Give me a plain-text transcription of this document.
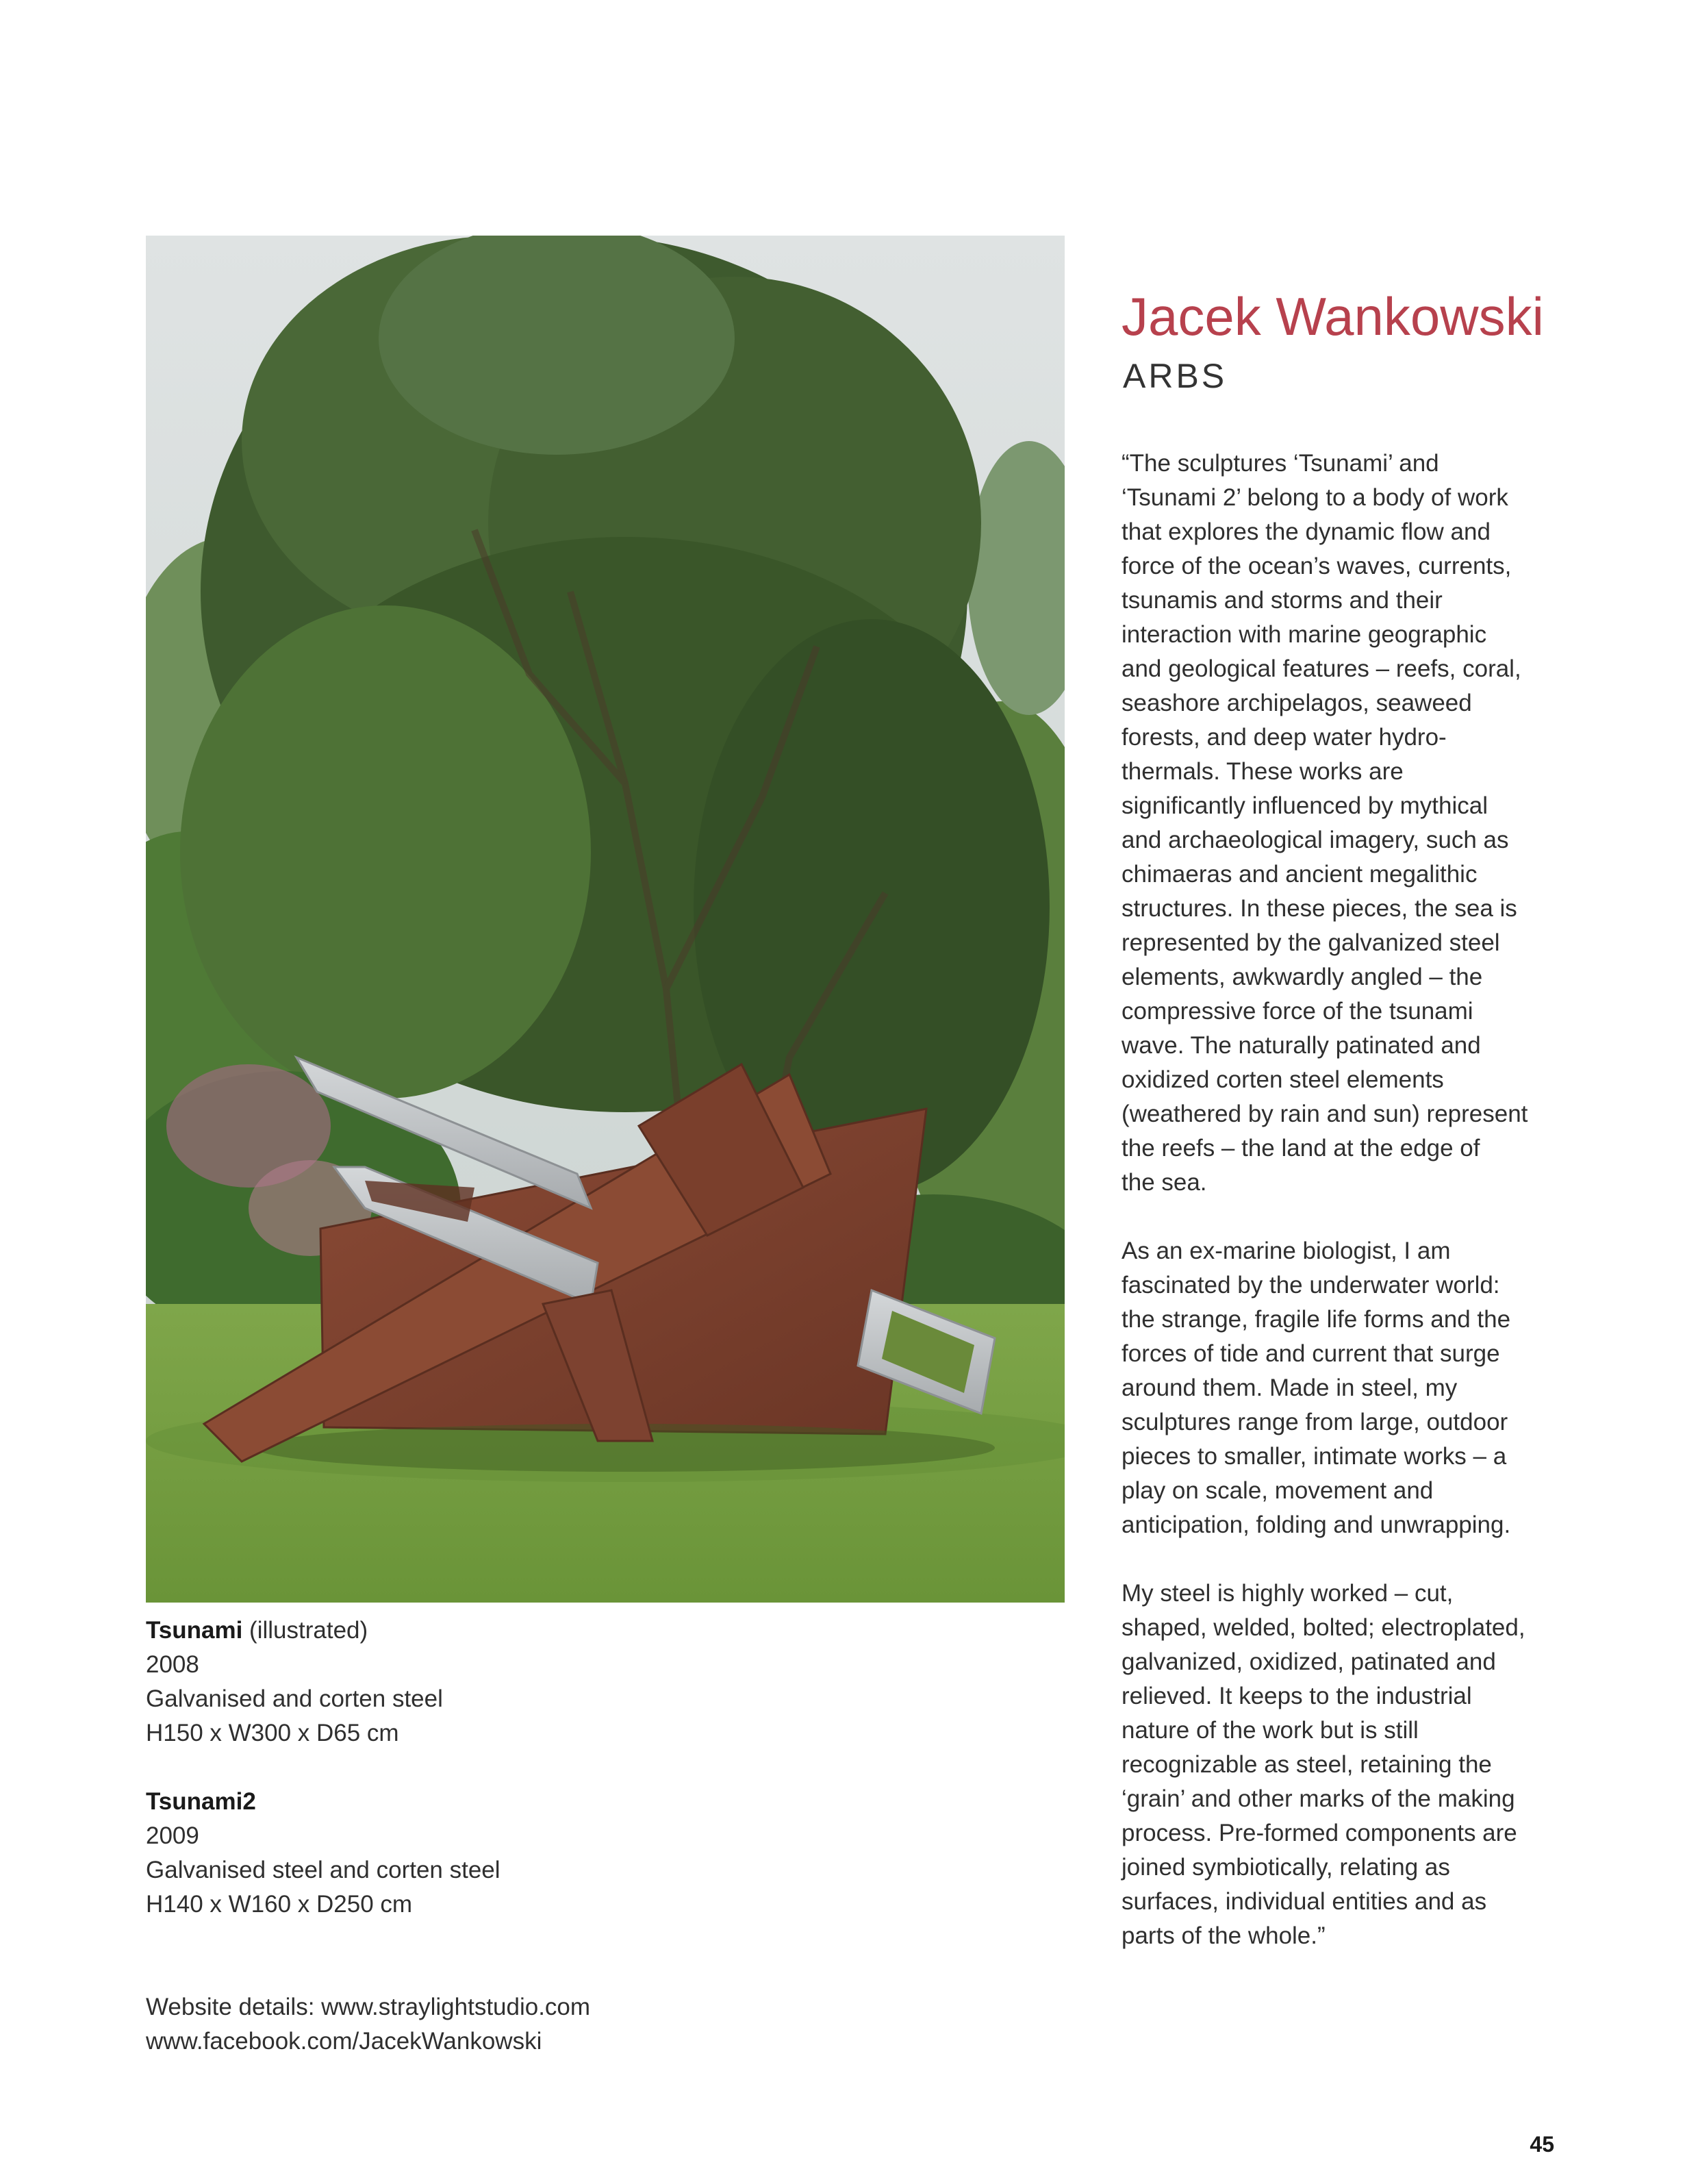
Jacek Wankowski
ARBS

“The sculptures ‘Tsunami’ and
‘Tsunami 2’ belong to a body of work
that explores the dynamic flow and
force of the ocean’s waves, currents,
tsunamis and storms and their
interaction with marine geographic
and geological features – reefs, coral,
seashore archipelagos, seaweed
forests, and deep water hydro-
thermals. These works are
significantly influenced by mythical
and archaeological imagery, such as
chimaeras and ancient megalithic
structures. In these pieces, the sea is
represented by the galvanized steel
elements, awkwardly angled – the
compressive force of the tsunami
wave. The naturally patinated and
oxidized corten steel elements
(weathered by rain and sun) represent
the reefs – the land at the edge of
the sea.

As an ex-marine biologist, I am
fascinated by the underwater world:
the strange, fragile life forms and the
forces of tide and current that surge
around them. Made in steel, my
sculptures range from large, outdoor
pieces to smaller, intimate works – a
play on scale, movement and
anticipation, folding and unwrapping.

My steel is highly worked – cut,
shaped, welded, bolted; electroplated,
galvanized, oxidized, patinated and
relieved. It keeps to the industrial
nature of the work but is still
recognizable as steel, retaining the
‘grain’ and other marks of the making
process. Pre-formed components are
joined symbiotically, relating as
surfaces, individual entities and as
parts of the whole.”

Tsunami (illustrated)
2008
Galvanised and corten steel
H150 x W300 x D65 cm
Tsunami2
2009
Galvanised steel and corten steel
H140 x W160 x D250 cm
Website details: www.straylightstudio.com
www.facebook.com/JacekWankowski
45
